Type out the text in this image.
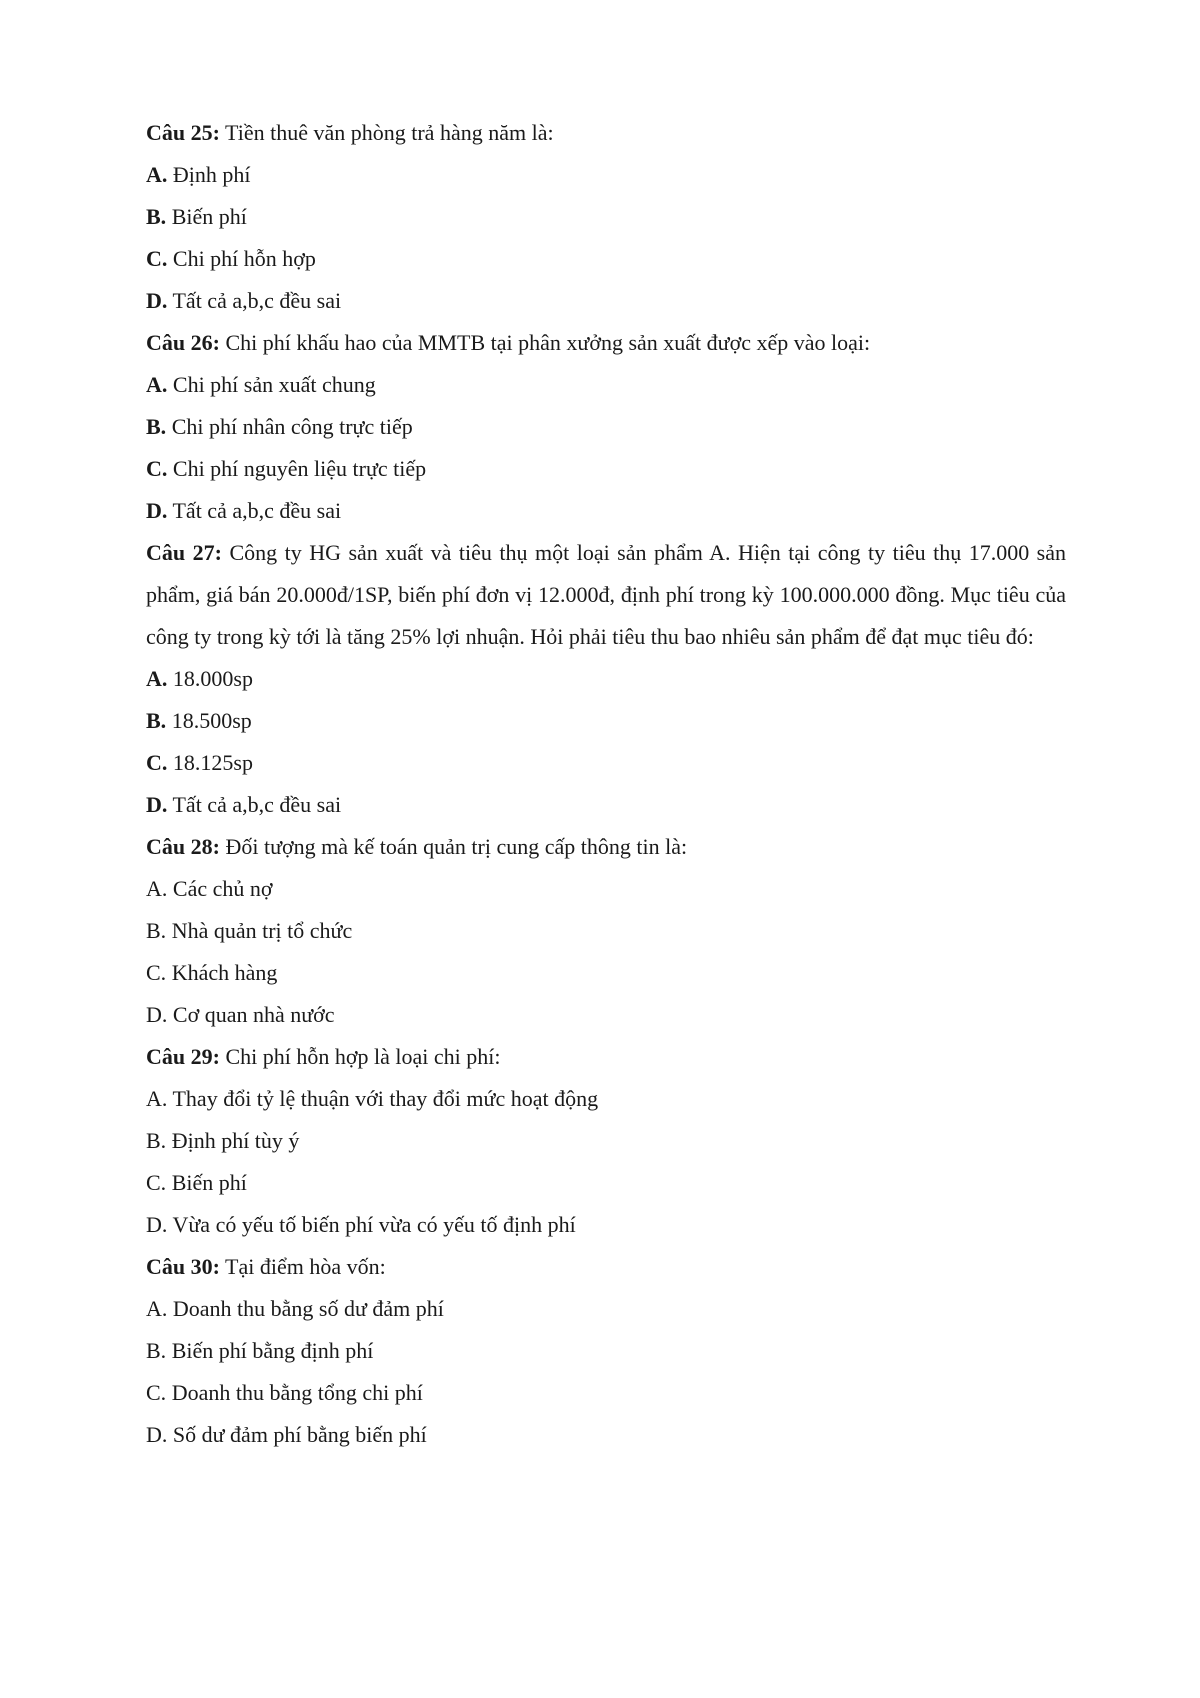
Câu 25: Tiền thuê văn phòng trả hàng năm là:
A. Định phí
B. Biến phí
C. Chi phí hỗn hợp
D. Tất cả a,b,c đều sai
Câu 26: Chi phí khấu hao của MMTB tại phân xưởng sản xuất được xếp vào loại:
A. Chi phí sản xuất chung
B. Chi phí nhân công trực tiếp
C. Chi phí nguyên liệu trực tiếp
D. Tất cả a,b,c đều sai
Câu 27: Công ty HG sản xuất và tiêu thụ một loại sản phẩm A. Hiện tại công ty tiêu thụ 17.000 sản phẩm, giá bán 20.000đ/1SP, biến phí đơn vị 12.000đ, định phí trong kỳ 100.000.000 đồng. Mục tiêu của công ty trong kỳ tới là tăng 25% lợi nhuận. Hỏi phải tiêu thu bao nhiêu sản phẩm để đạt mục tiêu đó:
A. 18.000sp
B. 18.500sp
C. 18.125sp
D. Tất cả a,b,c đều sai
Câu 28: Đối tượng mà kế toán quản trị cung cấp thông tin là:
A. Các chủ nợ
B. Nhà quản trị tổ chức
C. Khách hàng
D. Cơ quan nhà nước
Câu 29: Chi phí hỗn hợp là loại chi phí:
A. Thay đổi tỷ lệ thuận với thay đổi mức hoạt động
B. Định phí tùy ý
C. Biến phí
D. Vừa có yếu tố biến phí vừa có yếu tố định phí
Câu 30: Tại điểm hòa vốn:
A. Doanh thu bằng số dư đảm phí
B. Biến phí bằng định phí
C. Doanh thu bằng tổng chi phí
D. Số dư đảm phí bằng biến phí
